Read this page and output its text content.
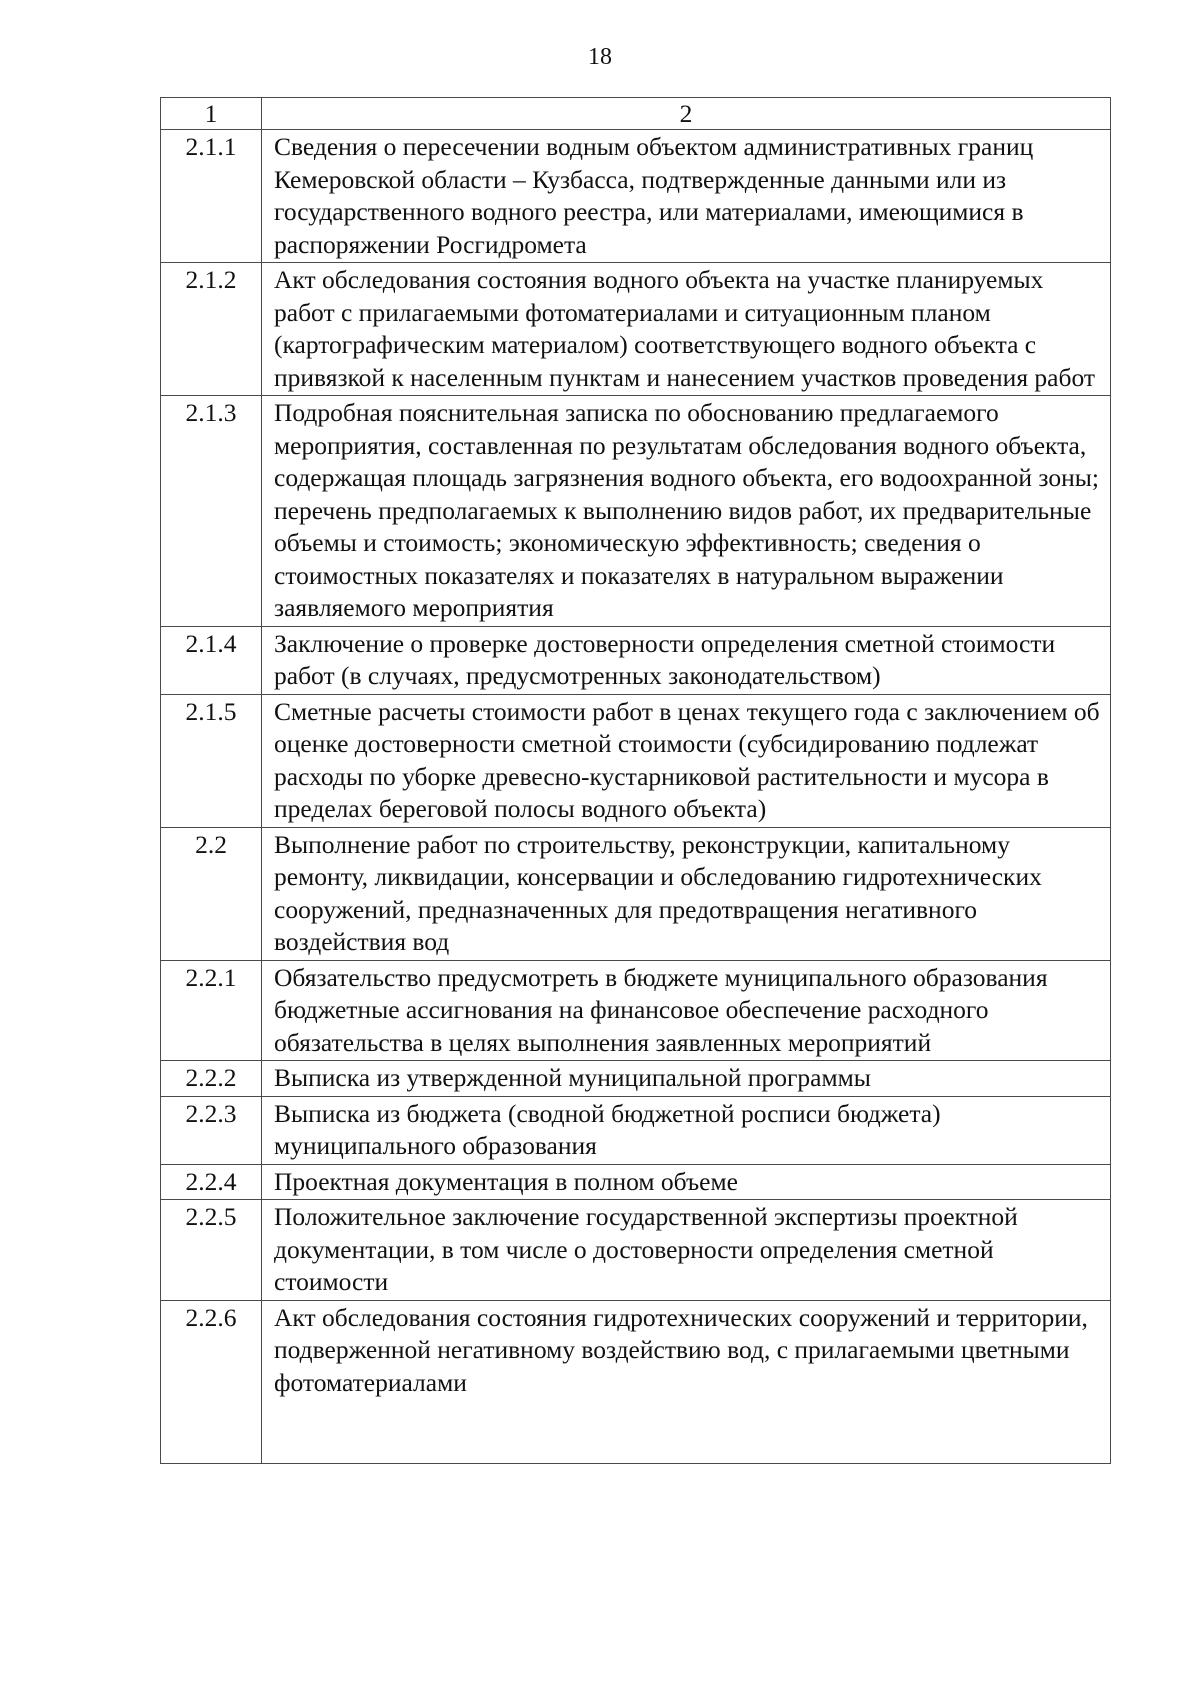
18
1	2
2.1.1	Сведения о пересечении водным объектом административных границ Кемеровской области – Кузбасса, подтвержденные данными или из государственного водного реестра, или материалами, имеющимися в распоряжении Росгидромета
2.1.2	Акт обследования состояния водного объекта на участке планируемых работ с прилагаемыми фотоматериалами и ситуационным планом (картографическим материалом) соответствующего водного объекта с привязкой к населенным пунктам и нанесением участков проведения работ
2.1.3	Подробная пояснительная записка по обоснованию предлагаемого мероприятия, составленная по результатам обследования водного объекта, содержащая площадь загрязнения водного объекта, его водоохранной зоны; перечень предполагаемых к выполнению видов работ, их предварительные объемы и стоимость; экономическую эффективность; сведения о стоимостных показателях и показателях в натуральном выражении заявляемого мероприятия
2.1.4	Заключение о проверке достоверности определения сметной стоимости работ (в случаях, предусмотренных законодательством)
2.1.5	Сметные расчеты стоимости работ в ценах текущего года с заключением об оценке достоверности сметной стоимости (субсидированию подлежат расходы по уборке древесно-кустарниковой растительности и мусора в пределах береговой полосы водного объекта)
2.2	Выполнение работ по строительству, реконструкции, капитальному ремонту, ликвидации, консервации и обследованию гидротехнических сооружений, предназначенных для предотвращения негативного воздействия вод
2.2.1	Обязательство предусмотреть в бюджете муниципального образования бюджетные ассигнования на финансовое обеспечение расходного обязательства в целях выполнения заявленных мероприятий
2.2.2	Выписка из утвержденной муниципальной программы
2.2.3	Выписка из бюджета (сводной бюджетной росписи бюджета) муниципального образования
2.2.4	Проектная документация в полном объеме
2.2.5	Положительное заключение государственной экспертизы проектной документации, в том числе о достоверности определения сметной стоимости
2.2.6	Акт обследования состояния гидротехнических сооружений и территории, подверженной негативному воздействию вод, с прилагаемыми цветными фотоматериалами
